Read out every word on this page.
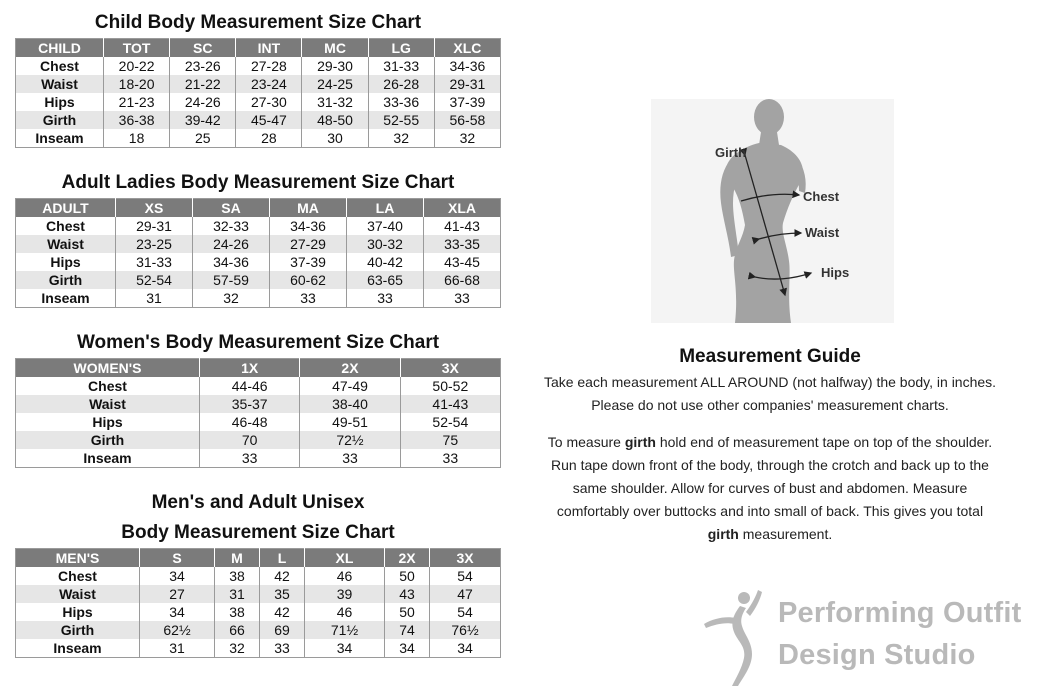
Child Body Measurement Size Chart
CHILD	TOT	SC	INT	MC	LG	XLC
Chest	20-22	23-26	27-28	29-30	31-33	34-36
Waist	18-20	21-22	23-24	24-25	26-28	29-31
Hips	21-23	24-26	27-30	31-32	33-36	37-39
Girth	36-38	39-42	45-47	48-50	52-55	56-58
Inseam	18	25	28	30	32	32
Adult Ladies Body Measurement Size Chart
ADULT	XS	SA	MA	LA	XLA
Chest	29-31	32-33	34-36	37-40	41-43
Waist	23-25	24-26	27-29	30-32	33-35
Hips	31-33	34-36	37-39	40-42	43-45
Girth	52-54	57-59	60-62	63-65	66-68
Inseam	31	32	33	33	33
Women's Body Measurement Size Chart
WOMEN'S	1X	2X	3X
Chest	44-46	47-49	50-52
Waist	35-37	38-40	41-43
Hips	46-48	49-51	52-54
Girth	70	72½	75
Inseam	33	33	33
Men's and Adult Unisex
Body Measurement Size Chart
MEN'S	S	M	L	XL	2X	3X
Chest	34	38	42	46	50	54
Waist	27	31	35	39	43	47
Hips	34	38	42	46	50	54
Girth	62½	66	69	71½	74	76½
Inseam	31	32	33	34	34	34
Girth
Chest
Waist
Hips
Measurement Guide
Take each measurement ALL AROUND (not halfway) the body, in inches.
Please do not use other companies' measurement charts.
To measure girth hold end of measurement tape on top of the shoulder.
Run tape down front of the body, through the crotch and back up to the
same shoulder. Allow for curves of bust and abdomen. Measure
comfortably over buttocks and into small of back. This gives you total
girth measurement.
Performing Outfit
Design Studio
